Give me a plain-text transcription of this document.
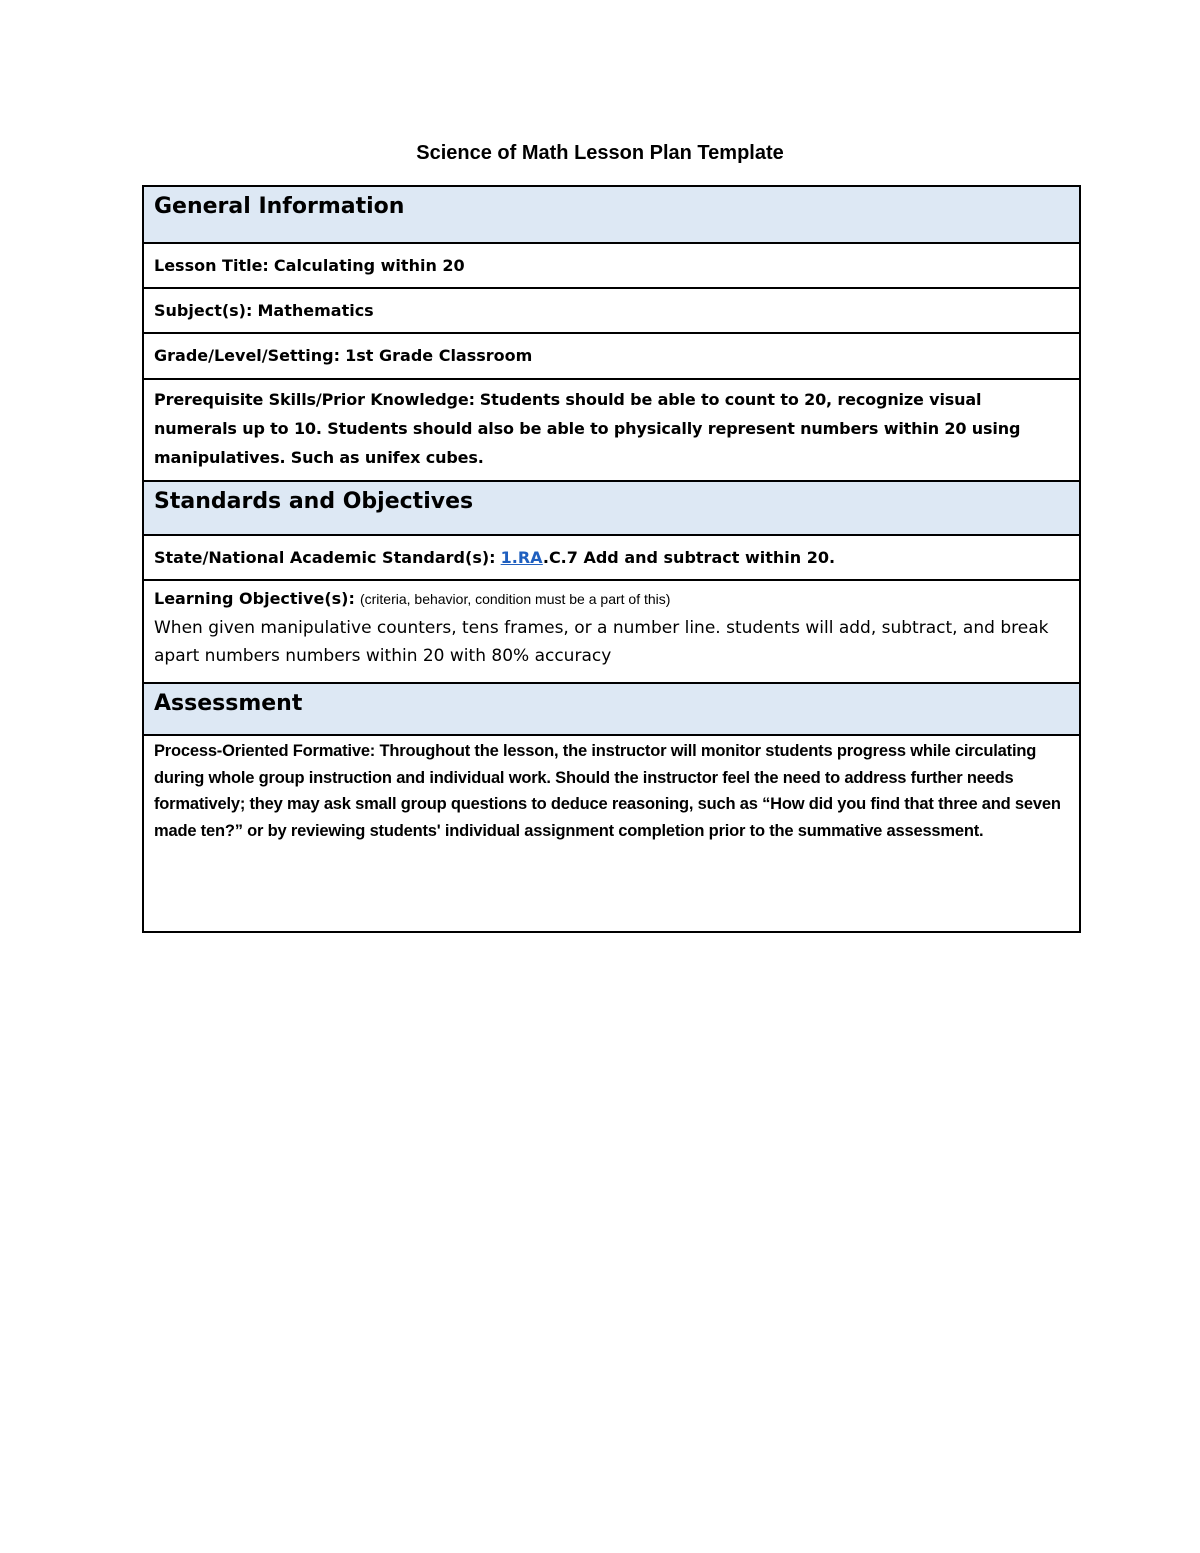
Science of Math Lesson Plan Template
General Information
Lesson Title: Calculating within 20
Subject(s): Mathematics
Grade/Level/Setting: 1st Grade Classroom
Prerequisite Skills/Prior Knowledge: Students should be able to count to 20, recognize visual numerals up to 10. Students should also be able to physically represent numbers within 20 using manipulatives. Such as unifex cubes.
Standards and Objectives
State/National Academic Standard(s): 1.RA.C.7 Add and subtract within 20.
Learning Objective(s): (criteria, behavior, condition must be a part of this)
When given manipulative counters, tens frames, or a number line. students will add, subtract, and break apart numbers numbers within 20 with 80% accuracy
Assessment
Process-Oriented Formative: Throughout the lesson, the instructor will monitor students progress while circulating during whole group instruction and individual work. Should the instructor feel the need to address further needs formatively; they may ask small group questions to deduce reasoning, such as “How did you find that three and seven made ten?” or by reviewing students' individual assignment completion prior to the summative assessment.
